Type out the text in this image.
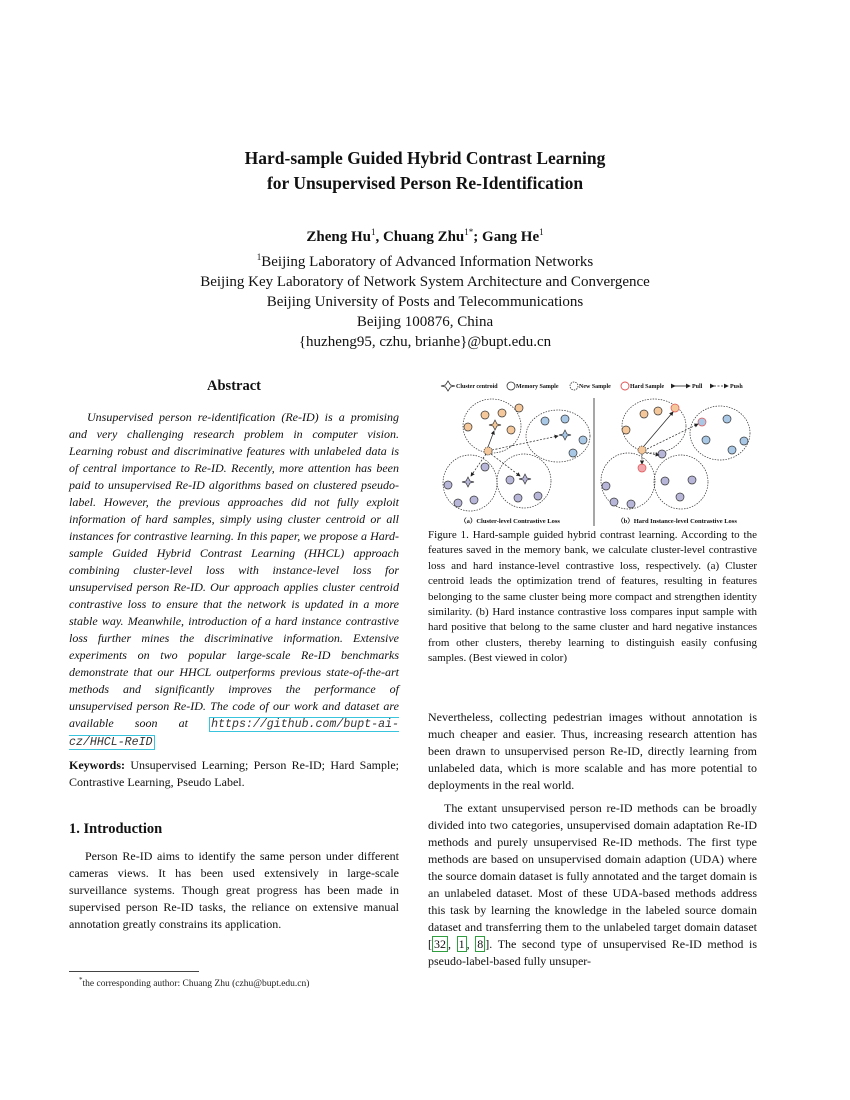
Hard-sample Guided Hybrid Contrast Learning
for Unsupervised Person Re-Identification
Zheng Hu$^1$, Chuang Zhu$^{1*}$; Gang He$^1$
$^1$Beijing Laboratory of Advanced Information Networks
Beijing Key Laboratory of Network System Architecture and Convergence
Beijing University of Posts and Telecommunications
Beijing 100876, China
{huzheng95, czhu, brianhe}@bupt.edu.cn
Abstract

Unsupervised person re-identification (Re-ID) is a promising and very challenging research problem in computer vision. Learning robust and discriminative features with unlabeled data is of central importance to Re-ID. Recently, more attention has been paid to unsupervised Re-ID algorithms based on clustered pseudo-label. However, the previous approaches did not fully exploit information of hard samples, simply using cluster centroid or all instances for contrastive learning. In this paper, we propose a Hard-sample Guided Hybrid Contrast Learning (HHCL) approach combining cluster-level loss with instance-level loss for unsupervised person Re-ID. Our approach applies cluster centroid contrastive loss to ensure that the network is updated in a more stable way. Meanwhile, introduction of a hard instance contrastive loss further mines the discriminative information. Extensive experiments on two popular large-scale Re-ID benchmarks demonstrate that our HHCL outperforms previous state-of-the-art methods and significantly improves the performance of unsupervised person Re-ID. The code of our work and dataset are available soon at https://github.com/bupt-ai-cz/HHCL-ReID

Keywords: Unsupervised Learning; Person Re-ID; Hard Sample; Contrastive Learning, Pseudo Label.

1. Introduction

Person Re-ID aims to identify the same person under different cameras views. It has been used extensively in large-scale surveillance systems. Though great progress has been made in supervised person Re-ID tasks, the reliance on extensive manual annotation greatly constrains its application.

*the corresponding author: Chuang Zhu (czhu@bupt.edu.cn)
Cluster centroid	Memory Sample	New Sample	Hard Sample	Pull	Push
（a）Cluster-level Contrastive Loss	（b）Hard Instance-level Contrastive Loss
Figure 1. Hard-sample guided hybrid contrast learning. According to the features saved in the memory bank, we calculate cluster-level contrastive loss and hard instance-level contrastive loss, respectively. (a) Cluster centroid leads the optimization trend of features, resulting in features belonging to the same cluster being more compact and strengthen identity similarity. (b) Hard instance contrastive loss compares input sample with hard positive that belong to the same cluster and hard negative instances from other clusters, thereby learning to distinguish easily confusing samples. (Best viewed in color)

Nevertheless, collecting pedestrian images without annotation is much cheaper and easier. Thus, increasing research attention has been drawn to unsupervised person Re-ID, directly learning from unlabeled data, which is more scalable and has more potential to deployments in the real world.

The extant unsupervised person re-ID methods can be broadly divided into two categories, unsupervised domain adaptation Re-ID methods and purely unsupervised Re-ID methods. The first type methods are based on unsupervised domain adaption (UDA) where the source domain dataset is fully annotated and the target domain is an unlabeled dataset. Most of these UDA-based methods address this task by learning the knowledge in the labeled source domain dataset and transferring them to the unlabeled target domain dataset [ 32 , 1 , 8 ]. The second type of unsupervised Re-ID method is pseudo-label-based fully unsuper-
